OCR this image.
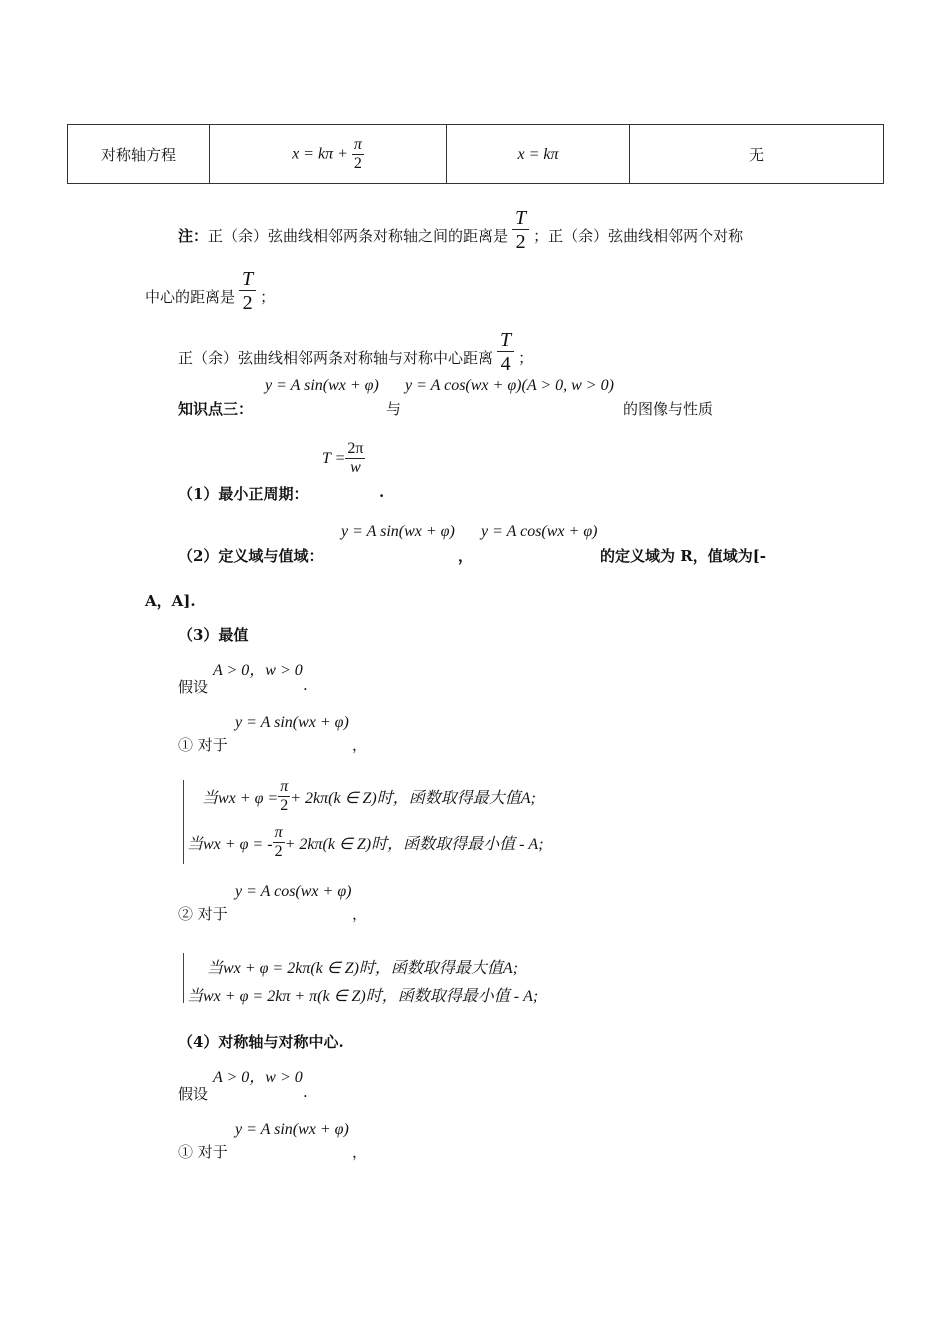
对称轴方程	$x = k\pi + \frac{\pi}{2}$	x = kπ	无
注： 正（余）弦曲线相邻两条对称轴之间的距离是 $\frac{T}{2}$ ；正（余）弦曲线相邻两个对称
中心的距离是 $\frac{T}{2}$ ；
正（余）弦曲线相邻两条对称轴与对称中心距离 $\frac{T}{4}$ ；
知识点三：
y = A sin(wx + φ)
与
y = A cos(wx + φ)(A > 0, w > 0)
的图像与性质
（1）最小正周期：
$T = \frac{2\pi}{w}$
.
（2）定义域与值域：
y = A sin(wx + φ)
，
y = A cos(wx + φ)
的定义域为 R，值域为[-
A，A].
（3）最值
假设
A > 0，w > 0
.
① 对于
y = A sin(wx + φ)
，
当wx + $\varphi = \frac{\pi}{2} + 2k\pi(k$ ∈ Z)时，函数取得最大值A;
当wx + φ = - $\frac{\pi}{2} + 2k\pi(k$ ∈ Z)时，函数取得最小值 - A;
② 对于
y = A cos(wx + φ)
，
当wx + φ = 2kπ(k ∈ Z)时，函数取得最大值A;
当wx + φ = 2kπ + π(k ∈ Z)时，函数取得最小值 - A;
（4）对称轴与对称中心.
假设
A > 0，w > 0
.
① 对于
y = A sin(wx + φ)
，
